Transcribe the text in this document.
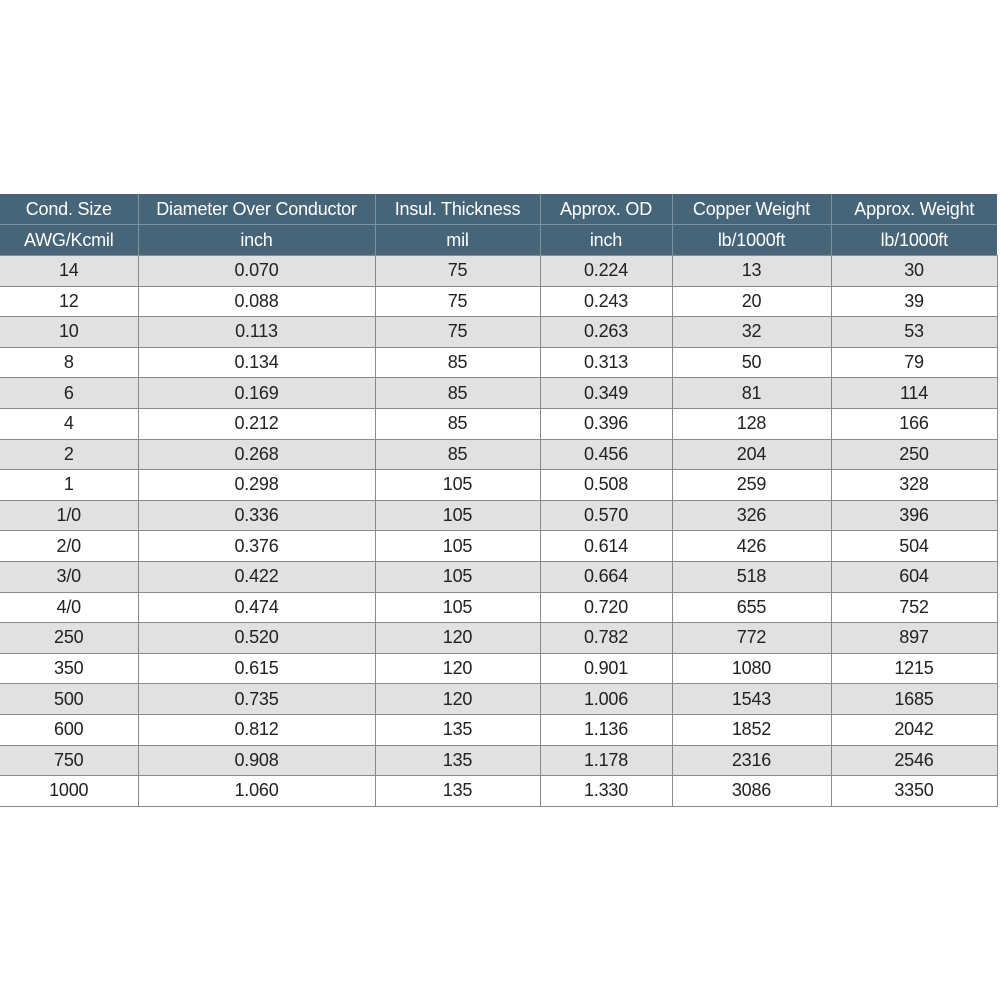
Cond. Size	Diameter Over Conductor	Insul. Thickness	Approx. OD	Copper Weight	Approx. Weight
AWG/Kcmil	inch	mil	inch	lb/1000ft	lb/1000ft
14	0.070	75	0.224	13	30
12	0.088	75	0.243	20	39
10	0.113	75	0.263	32	53
8	0.134	85	0.313	50	79
6	0.169	85	0.349	81	114
4	0.212	85	0.396	128	166
2	0.268	85	0.456	204	250
1	0.298	105	0.508	259	328
1/0	0.336	105	0.570	326	396
2/0	0.376	105	0.614	426	504
3/0	0.422	105	0.664	518	604
4/0	0.474	105	0.720	655	752
250	0.520	120	0.782	772	897
350	0.615	120	0.901	1080	1215
500	0.735	120	1.006	1543	1685
600	0.812	135	1.136	1852	2042
750	0.908	135	1.178	2316	2546
1000	1.060	135	1.330	3086	3350
